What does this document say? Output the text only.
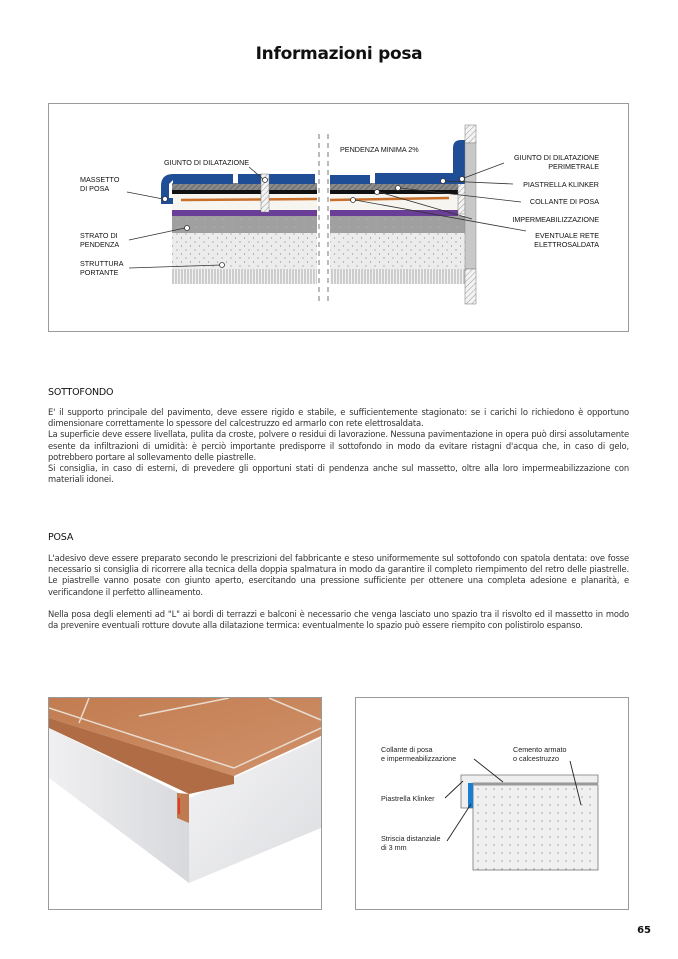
Informazioni posa
MASSETTO
DI POSA
GIUNTO DI DILATAZIONE
STRATO DI
PENDENZA
STRUTTURA
PORTANTE
PENDENZA MINIMA 2%
GIUNTO DI DILATAZIONE
PERIMETRALE
PIASTRELLA KLINKER
COLLANTE DI POSA
IMPERMEABILIZZAZIONE
EVENTUALE RETE
ELETTROSALDATA
SOTTOFONDO

E' il supporto principale del pavimento, deve essere rigido e stabile, e sufficientemente stagionato: se i carichi lo richiedono è opportuno dimensionare correttamente lo spessore del calcestruzzo ed armarlo con rete elettrosaldata.

La superficie deve essere livellata, pulita da croste, polvere o residui di lavorazione. Nessuna pavimentazione in opera può dirsi assolutamente esente da infiltrazioni di umidità: è perciò importante predisporre il sottofondo in modo da evitare ristagni d'acqua che, in caso di gelo, potrebbero portare al sollevamento delle piastrelle.

Si consiglia, in caso di esterni, di prevedere gli opportuni stati di pendenza anche sul massetto, oltre alla loro impermeabilizzazione con materiali idonei.

POSA

L'adesivo deve essere preparato secondo le prescrizioni del fabbricante e steso uniformemente sul sottofondo con spatola dentata: ove fosse necessario si consiglia di ricorrere alla tecnica della doppia spalmatura in modo da garantire il completo riempimento del retro delle piastrelle. Le piastrelle vanno posate con giunto aperto, esercitando una pressione sufficiente per ottenere una completa adesione e planarità, e verificandone il perfetto allineamento.

Nella posa degli elementi ad "L" ai bordi di terrazzi e balconi è necessario che venga lasciato uno spazio tra il risvolto ed il massetto in modo da prevenire eventuali rotture dovute alla dilatazione termica: eventualmente lo spazio può essere riempito con polistirolo espanso.

Collante di posa
e impermeabilizzazione
Cemento armato
o calcestruzzo
Piastrella Klinker
Striscia distanziale
di 3 mm
65
